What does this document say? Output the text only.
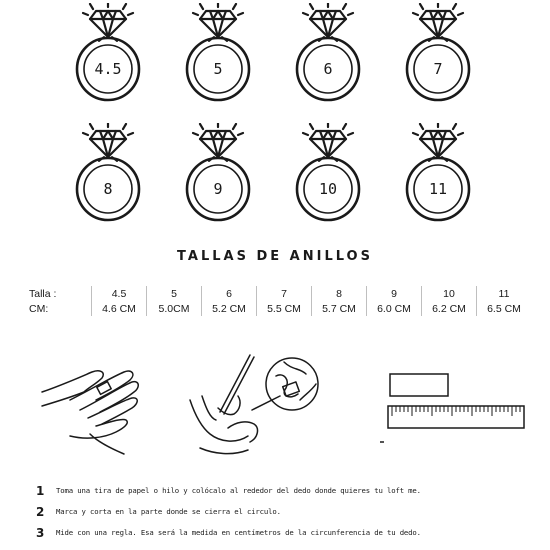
4.5	5	6	7
8	9	10	11
TALLAS DE ANILLOS
Talla :	4.5	5	6	7	8	9	10	11
CM:	4.6 CM	5.0CM	5.2 CM	5.5 CM	5.7 CM	6.0 CM	6.2 CM	6.5 CM
1 Toma una tira de papel o hilo y colócalo al rededor del dedo donde quieres tu loft me.
2 Marca y corta en la parte donde se cierra el circulo.
3 Mide con una regla. Esa será la medida en centímetros de la circunferencia de tu dedo.
